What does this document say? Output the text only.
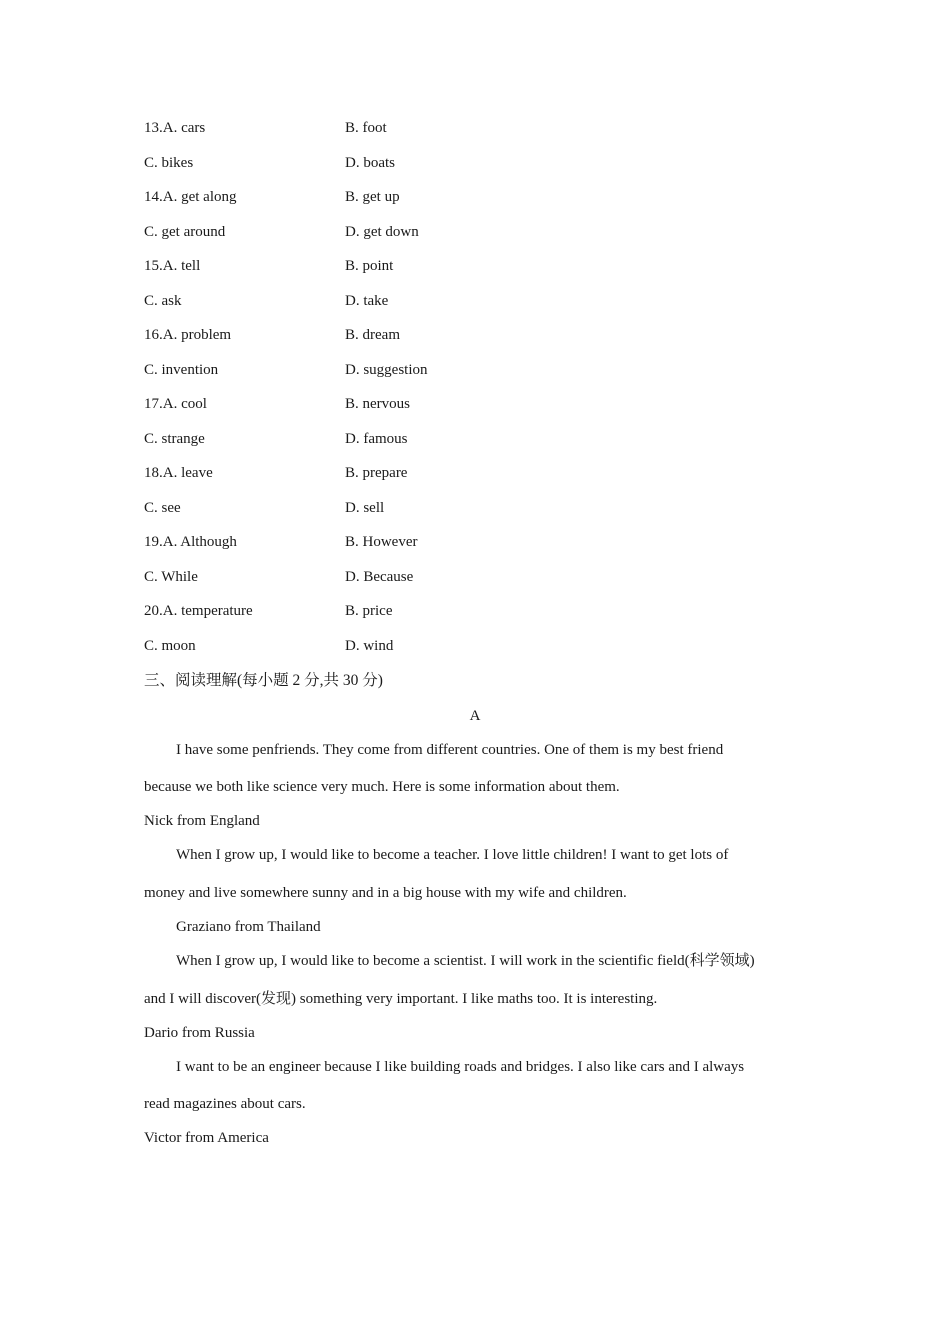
13.A. cars	B. foot
C. bikes	D. boats
14.A. get along	B. get up
C. get around	D. get down
15.A. tell	B. point
C. ask	D. take
16.A. problem	B. dream
C. invention	D. suggestion
17.A. cool	B. nervous
C. strange	D. famous
18.A. leave	B. prepare
C. see	D. sell
19.A. Although	B. However
C. While	D. Because
20.A. temperature	B. price
C. moon	D. wind
三、阅读理解(每小题 2 分,共 30 分)
A
I have some penfriends. They come from different countries. One of them is my best friend
because we both like science very much. Here is some information about them.
Nick from England
When I grow up, I would like to become a teacher. I love little children! I want to get lots of
money and live somewhere sunny and in a big house with my wife and children.
Graziano from Thailand
When I grow up, I would like to become a scientist. I will work in the scientific field(科学领域)
and I will discover(发现) something very important. I like maths too. It is interesting.
Dario from Russia
I want to be an engineer because I like building roads and bridges. I also like cars and I always
read magazines about cars.
Victor from America
